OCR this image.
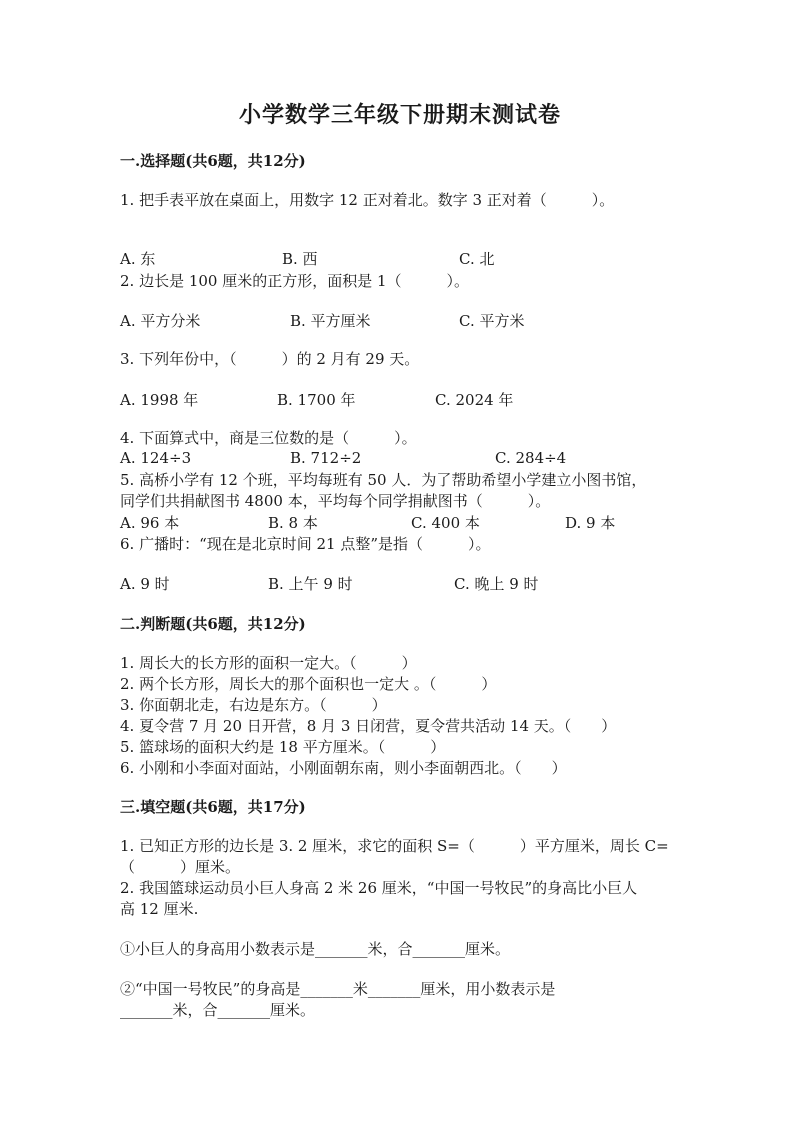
小学数学三年级下册期末测试卷
一.选择题(共6题，共12分)
1. 把手表平放在桌面上，用数字 12 正对着北。数字 3 正对着（　　　）。
A. 东	B. 西	C. 北
2. 边长是 100 厘米的正方形，面积是 1（　　　）。
A. 平方分米	B. 平方厘米	C. 平方米
3. 下列年份中，（　　　）的 2 月有 29 天。
A. 1998 年	B. 1700 年	C. 2024 年
4. 下面算式中，商是三位数的是（　　　）。
A. 124÷3	B. 712÷2	C. 284÷4
5. 高桥小学有 12 个班，平均每班有 50 人．为了帮助希望小学建立小图书馆，
同学们共捐献图书 4800 本，平均每个同学捐献图书（　　　）。
A. 96 本	B. 8 本	C. 400 本	D. 9 本
6. 广播时：“现在是北京时间 21 点整”是指（　　　）。
A. 9 时	B. 上午 9 时	C. 晚上 9 时
二.判断题(共6题，共12分)
1. 周长大的长方形的面积一定大。（　　　）
2. 两个长方形，周长大的那个面积也一定大 。（　　　）
3. 你面朝北走，右边是东方。（　　　）
4. 夏令营 7 月 20 日开营，8 月 3 日闭营，夏令营共活动 14 天。（　　）
5. 篮球场的面积大约是 18 平方厘米。（　　　）
6. 小刚和小李面对面站，小刚面朝东南，则小李面朝西北。（　　）
三.填空题(共6题，共17分)
1. 已知正方形的边长是 3. 2 厘米，求它的面积 S=（　　　）平方厘米，周长 C=
（　　　）厘米。
2. 我国篮球运动员小巨人身高 2 米 26 厘米，“中国一号牧民”的身高比小巨人
高 12 厘米.
①小巨人的身高用小数表示是_______米，合_______厘米。
②“中国一号牧民”的身高是_______米_______厘米，用小数表示是
_______米，合_______厘米。
